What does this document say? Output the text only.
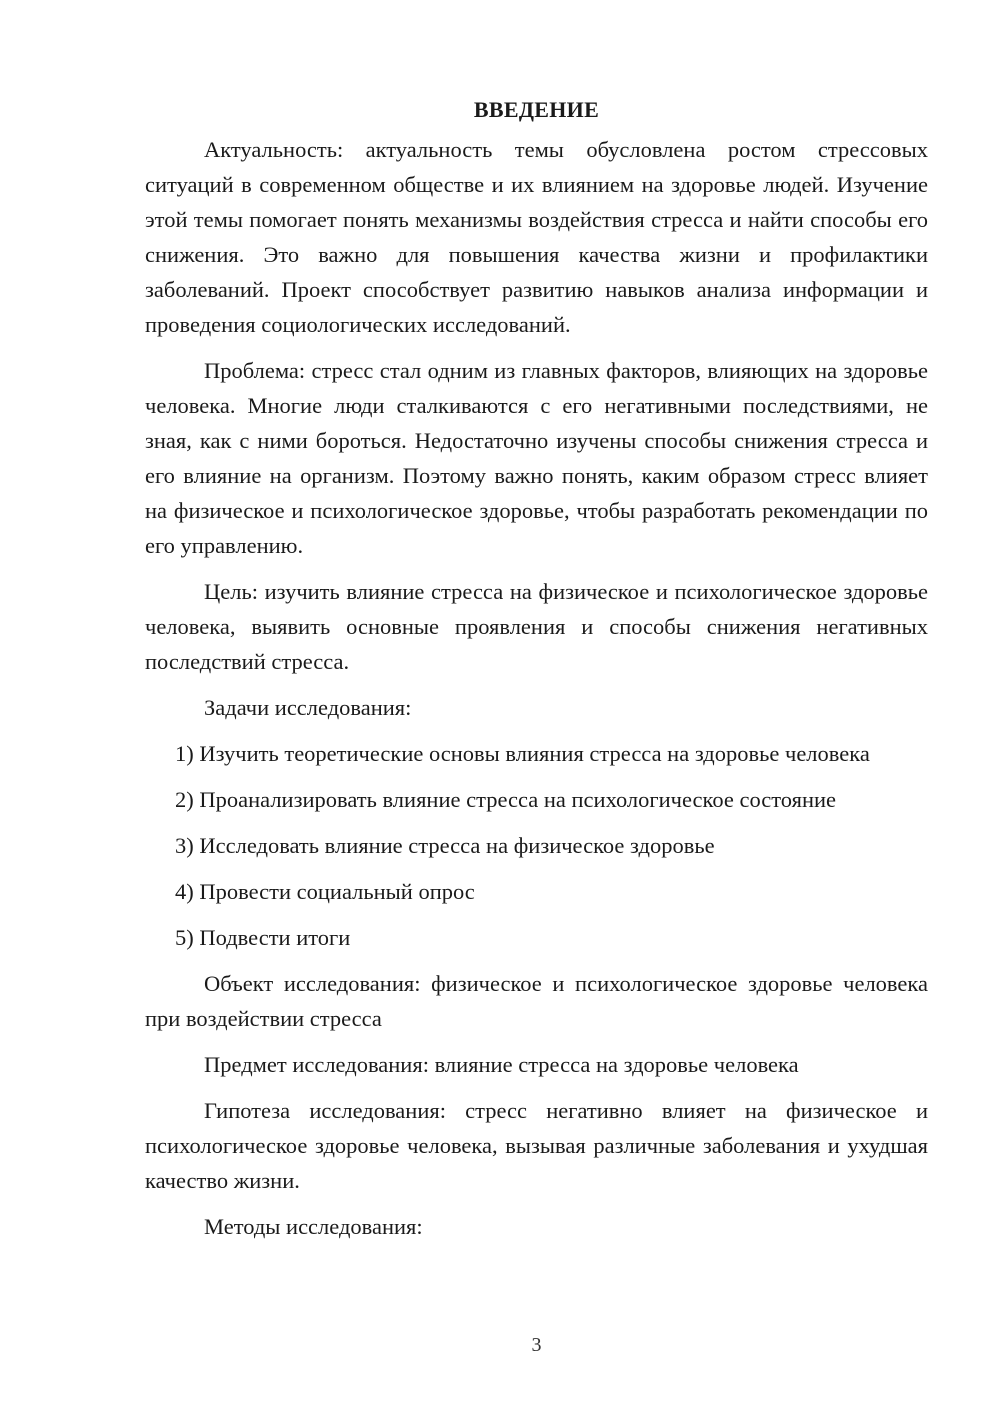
ВВЕДЕНИЕ

Актуальность: актуальность темы обусловлена ростом стрессовых ситуаций в современном обществе и их влиянием на здоровье людей. Изучение этой темы помогает понять механизмы воздействия стресса и найти способы его снижения. Это важно для повышения качества жизни и профилактики заболеваний. Проект способствует развитию навыков анализа информации и проведения социологических исследований.

Проблема: стресс стал одним из главных факторов, влияющих на здоровье человека. Многие люди сталкиваются с его негативными последствиями, не зная, как с ними бороться. Недостаточно изучены способы снижения стресса и его влияние на организм. Поэтому важно понять, каким образом стресс влияет на физическое и психологическое здоровье, чтобы разработать рекомендации по его управлению.

Цель: изучить влияние стресса на физическое и психологическое здоровье человека, выявить основные проявления и способы снижения негативных последствий стресса.

Задачи исследования:

1) Изучить теоретические основы влияния стресса на здоровье человека

2) Проанализировать влияние стресса на психологическое состояние

3) Исследовать влияние стресса на физическое здоровье

4) Провести социальный опрос

5) Подвести итоги

Объект исследования: физическое и психологическое здоровье человека при воздействии стресса

Предмет исследования: влияние стресса на здоровье человека

Гипотеза исследования: стресс негативно влияет на физическое и психологическое здоровье человека, вызывая различные заболевания и ухудшая качество жизни.

Методы исследования:

3
